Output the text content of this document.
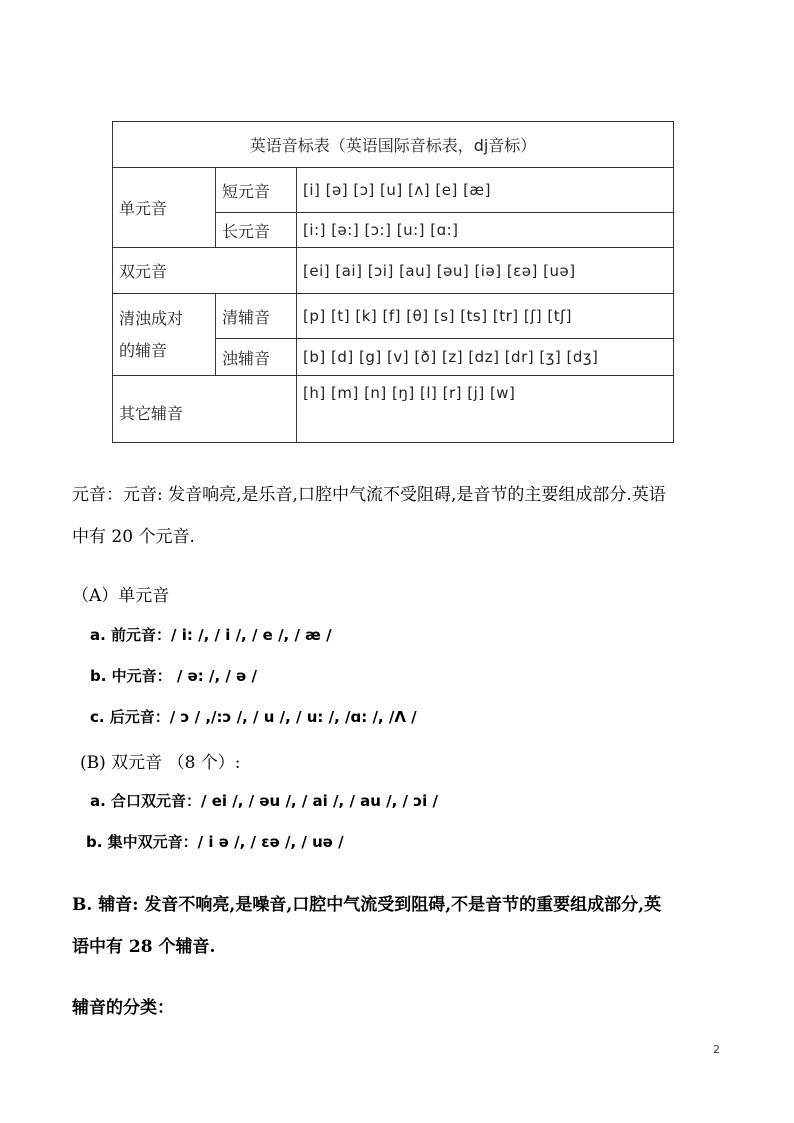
英语音标表（英语国际音标表，dj音标）		
单元音	短元音	[i] [ə] [ɔ] [u] [ʌ] [e] [æ]
	长元音	[i:] [ə:] [ɔ:] [u:] [ɑ:]
双元音		[ei] [ai] [ɔi] [au] [əu] [iə] [ɛə] [uə]

清浊成对
的辅音	清辅音	[p] [t] [k] [f] [θ] [s] [ts] [tr] [ʃ] [tʃ]
	浊辅音	[b] [d] [g] [v] [ð] [z] [dz] [dr] [ʒ] [dʒ]
其它辅音		[h] [m] [n] [ŋ] [l] [r] [j] [w]
元音：元音: 发音响亮,是乐音,口腔中气流不受阻碍,是音节的主要组成部分.英语
中有 20 个元音.
（A）单元音
a. 前元音：/ i: /, / i /, / e /, / æ /
b. 中元音： / ə: /, / ə /
c. 后元音：/ ɔ / ,/:ɔ /, / u /, / u: /, /ɑ: /, /Λ /
(B) 双元音 （8 个）:
a. 合口双元音：/ ei /, / əu /, / ai /, / au /, / ɔi /
b. 集中双元音：/ i ə /, / εə /, / uə /
B. 辅音: 发音不响亮,是噪音,口腔中气流受到阻碍,不是音节的重要组成部分,英
语中有 28 个辅音.
辅音的分类：
2
